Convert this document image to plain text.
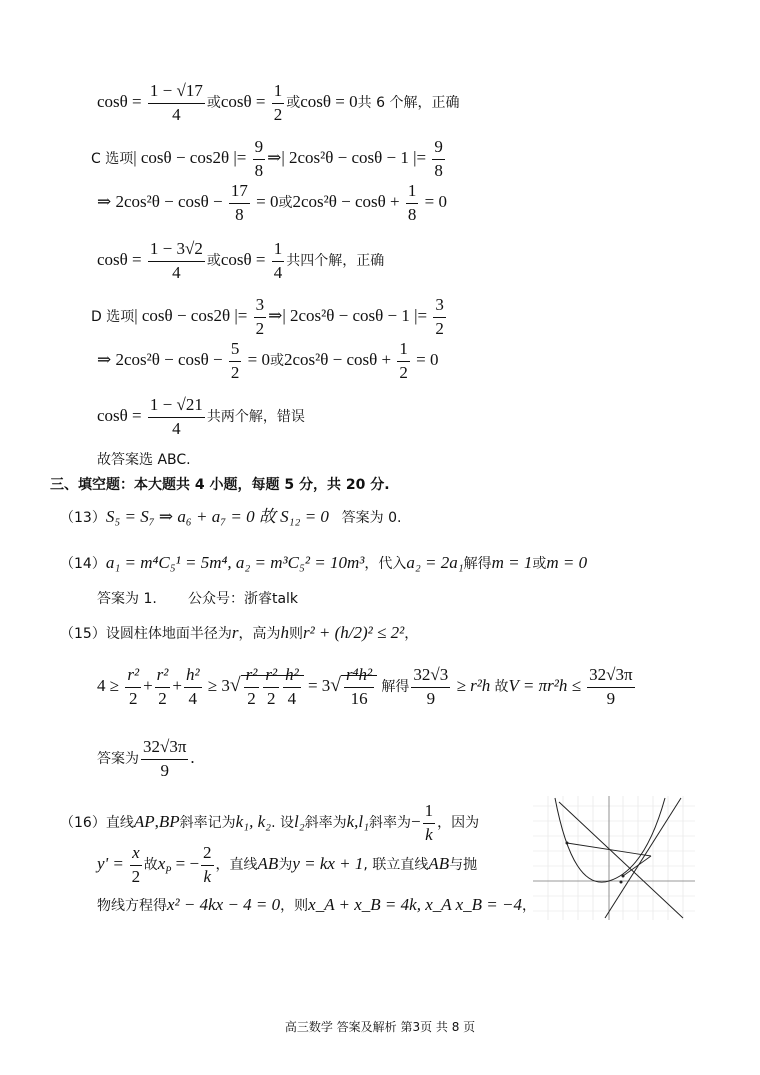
$\cos\theta = \frac{1 - √17}{4}$ 或$\cos\theta = \frac{1}{2}$ 或cosθ = 0共 6 个解，正确
C 选项| cosθ − cos2θ |= $\frac{9}{8}$ ⇒| 2cos²θ − cosθ − 1 |= $\frac{9}{8}$
⇒ $2\cos^2\theta - \cos\theta - \frac{17}{8} = 0$或$2\cos^2\theta - \cos\theta + \frac{1}{8} = 0$
$\cos\theta = \frac{1 - 3√2}{4}$ 或$\cos\theta = \frac{1}{4}$ 共四个解，正确
D 选项| cosθ − cos2θ |= $\frac{3}{2}$ ⇒| 2cos²θ − cosθ − 1 |= $\frac{3}{2}$
⇒ $2\cos^2\theta - \cos\theta - \frac{5}{2} = 0$或$2\cos^2\theta - \cos\theta + \frac{1}{2} = 0$
$\cos\theta = \frac{1 - √21}{4}$ 共两个解，错误
故答案选 ABC.
三、填空题：本大题共 4 小题，每题 5 分，共 20 分.
（13）S₅ = S₇ ⇒ a₆ + a₇ = 0 故 S₁₂ = 0 答案为 0.
（14）a₁ = m⁴C₅¹ = 5m⁴, a₂ = m³C₅² = 10m³，代入a₂ = 2a₁解得m = 1或m = 0
答案为 1. 公众号：浙睿talk
（15）设圆柱体地面半径为r，高为h则r² + (h/2)² ≤ 2²，
$4 \ge \frac{\text{r²}}{2} + \frac{\text{r²}}{2} + \frac{\text{h²}}{4} \ge 3√ \frac{\text{r²}}{2} \frac{\text{r²}}{2} \frac{\text{h²}}{4} = 3√ \frac{\text{r⁴h²}}{16}$ 解得 $\frac{32√3}{9} \ge r^2h$ 故$V = \pi r^2h \le \frac{32√3\pi}{9}$
答案为 $\frac{32√3\pi}{9}$ .
（16）直线AP,BP斜率记为k₁, k₂. 设l₂斜率为k,l₁斜率为− $\frac{1}{k}$ ，因为
$y' = \frac{x}{2}$ 故$x_P$ = − $\frac{2}{k}$ ，直线AB为y = kx + 1, 联立直线AB与抛
物线方程得x² − 4kx − 4 = 0，则x_A + x_B = 4k, x_A x_B = −4，
高三数学 答案及解析 第3页 共 8 页
